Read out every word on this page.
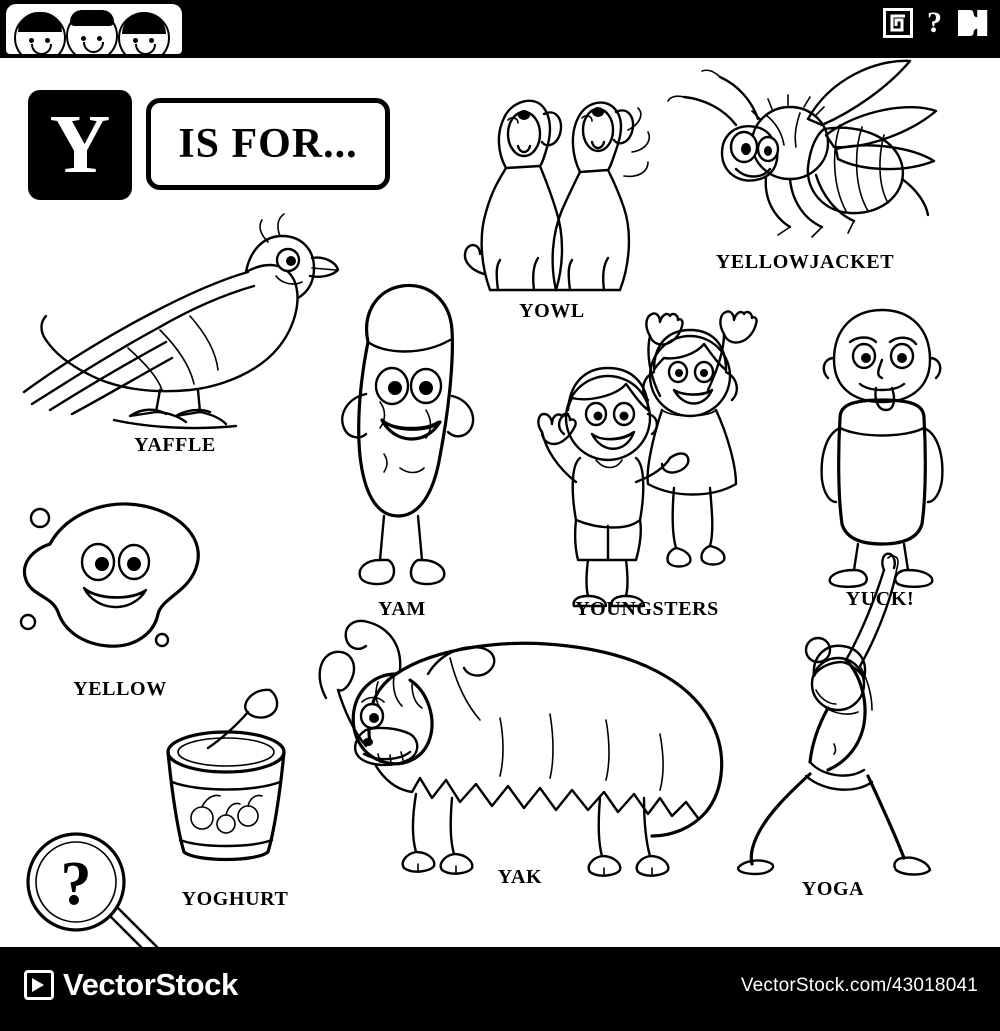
?
Y	IS FOR...
YOWL
YELLOWJACKET
YAFFLE
YAM	YOUNGSTERS	YUCK!
YELLOW
YOGHURT
YAK
YOGA
?
VectorStock	VectorStock.com/43018041
